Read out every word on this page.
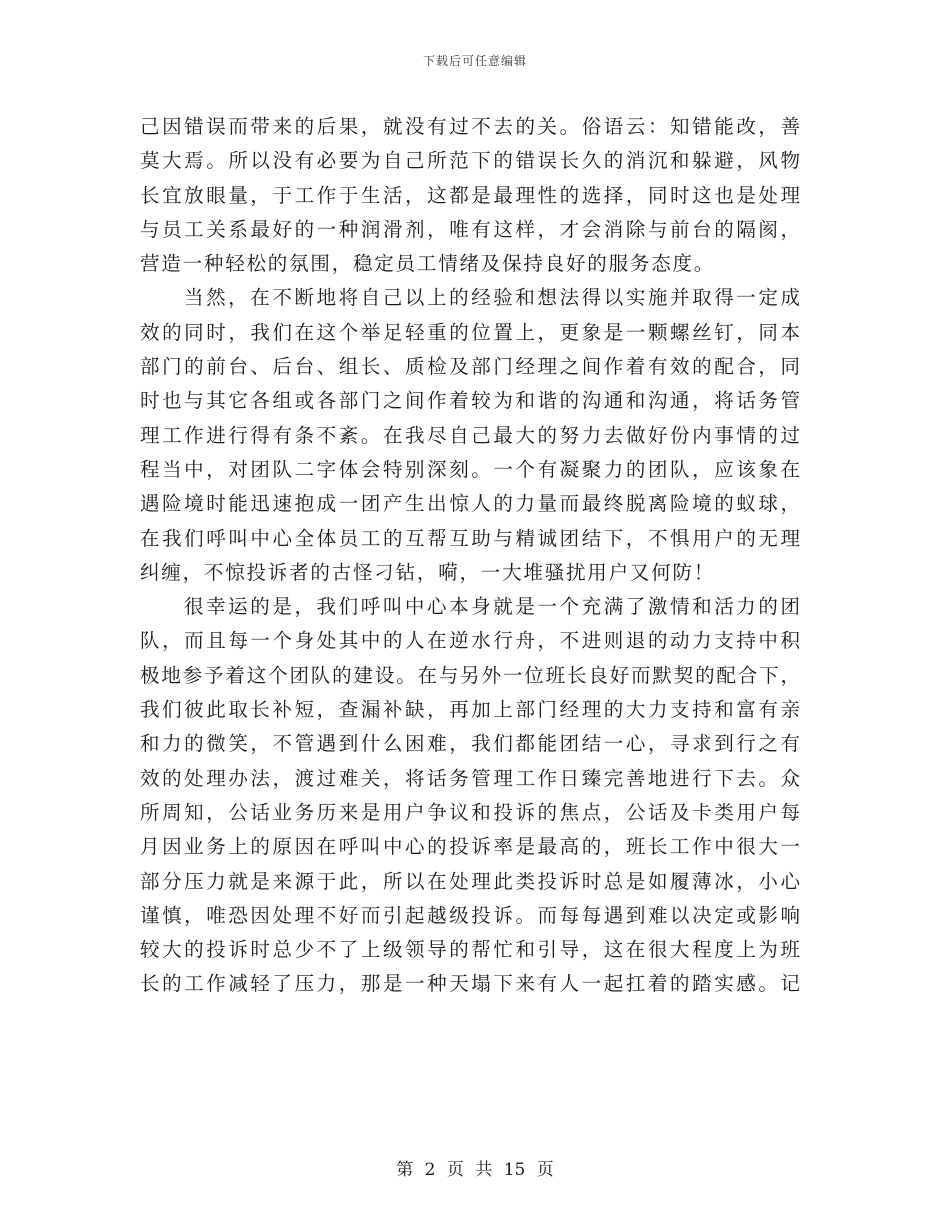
下载后可任意编辑
己因错误而带来的后果，就没有过不去的关。俗语云：知错能改，善
莫大焉。所以没有必要为自己所范下的错误长久的消沉和躲避，风物
长宜放眼量，于工作于生活，这都是最理性的选择，同时这也是处理
与员工关系最好的一种润滑剂，唯有这样，才会消除与前台的隔阂，
营造一种轻松的氛围，稳定员工情绪及保持良好的服务态度。
当然，在不断地将自己以上的经验和想法得以实施并取得一定成
效的同时，我们在这个举足轻重的位置上，更象是一颗螺丝钉，同本
部门的前台、后台、组长、质检及部门经理之间作着有效的配合，同
时也与其它各组或各部门之间作着较为和谐的沟通和沟通，将话务管
理工作进行得有条不紊。在我尽自己最大的努力去做好份内事情的过
程当中，对团队二字体会特别深刻。一个有凝聚力的团队，应该象在
遇险境时能迅速抱成一团产生出惊人的力量而最终脱离险境的蚁球，
在我们呼叫中心全体员工的互帮互助与精诚团结下，不惧用户的无理
纠缠，不惊投诉者的古怪刁钻，嗬，一大堆骚扰用户又何防！
很幸运的是，我们呼叫中心本身就是一个充满了激情和活力的团
队，而且每一个身处其中的人在逆水行舟，不进则退的动力支持中积
极地参予着这个团队的建设。在与另外一位班长良好而默契的配合下，
我们彼此取长补短，查漏补缺，再加上部门经理的大力支持和富有亲
和力的微笑，不管遇到什么困难，我们都能团结一心，寻求到行之有
效的处理办法，渡过难关，将话务管理工作日臻完善地进行下去。众
所周知，公话业务历来是用户争议和投诉的焦点，公话及卡类用户每
月因业务上的原因在呼叫中心的投诉率是最高的，班长工作中很大一
部分压力就是来源于此，所以在处理此类投诉时总是如履薄冰，小心
谨慎，唯恐因处理不好而引起越级投诉。而每每遇到难以决定或影响
较大的投诉时总少不了上级领导的帮忙和引导，这在很大程度上为班
长的工作减轻了压力，那是一种天塌下来有人一起扛着的踏实感。记
第 2 页 共 15 页
